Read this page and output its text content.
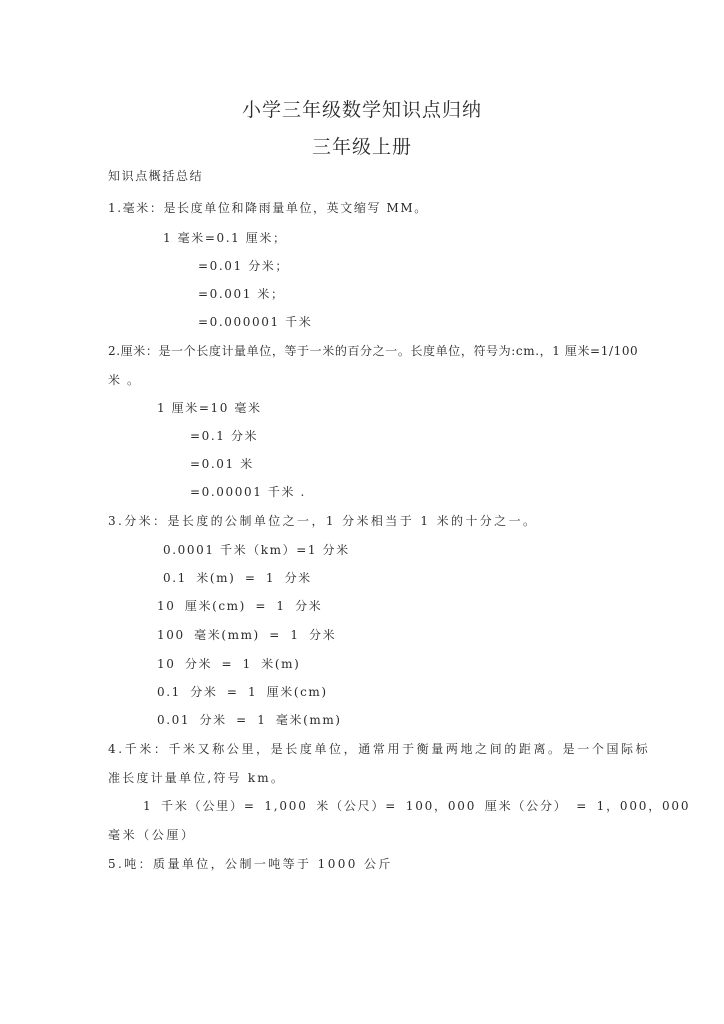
小学三年级数学知识点归纳
三年级上册
知识点概括总结
1.毫米：是长度单位和降雨量单位，英文缩写 MM。
1 毫米=0.1 厘米；
=0.01 分米；
=0.001 米；
=0.000001 千米
2.厘米：是一个长度计量单位，等于一米的百分之一。长度单位，符号为:cm.，1 厘米=1/100
米 。
1 厘米=10 毫米
=0.1 分米
=0.01 米
=0.00001 千米 .
3.分米：是长度的公制单位之一，1 分米相当于 1 米的十分之一。
0.0001 千米（km）=1 分米
0.1 米(m) = 1 分米
10 厘米(cm) = 1 分米
100 毫米(mm) = 1 分米
10 分米 = 1 米(m)
0.1 分米 = 1 厘米(cm)
0.01 分米 = 1 毫米(mm)
4.千米：千米又称公里，是长度单位，通常用于衡量两地之间的距离。是一个国际标
准长度计量单位,符号 km。
1 千米（公里）= 1,000 米（公尺）= 100，000 厘米（公分） = 1，000，000
毫米（公厘）
5.吨：质量单位，公制一吨等于 1000 公斤
